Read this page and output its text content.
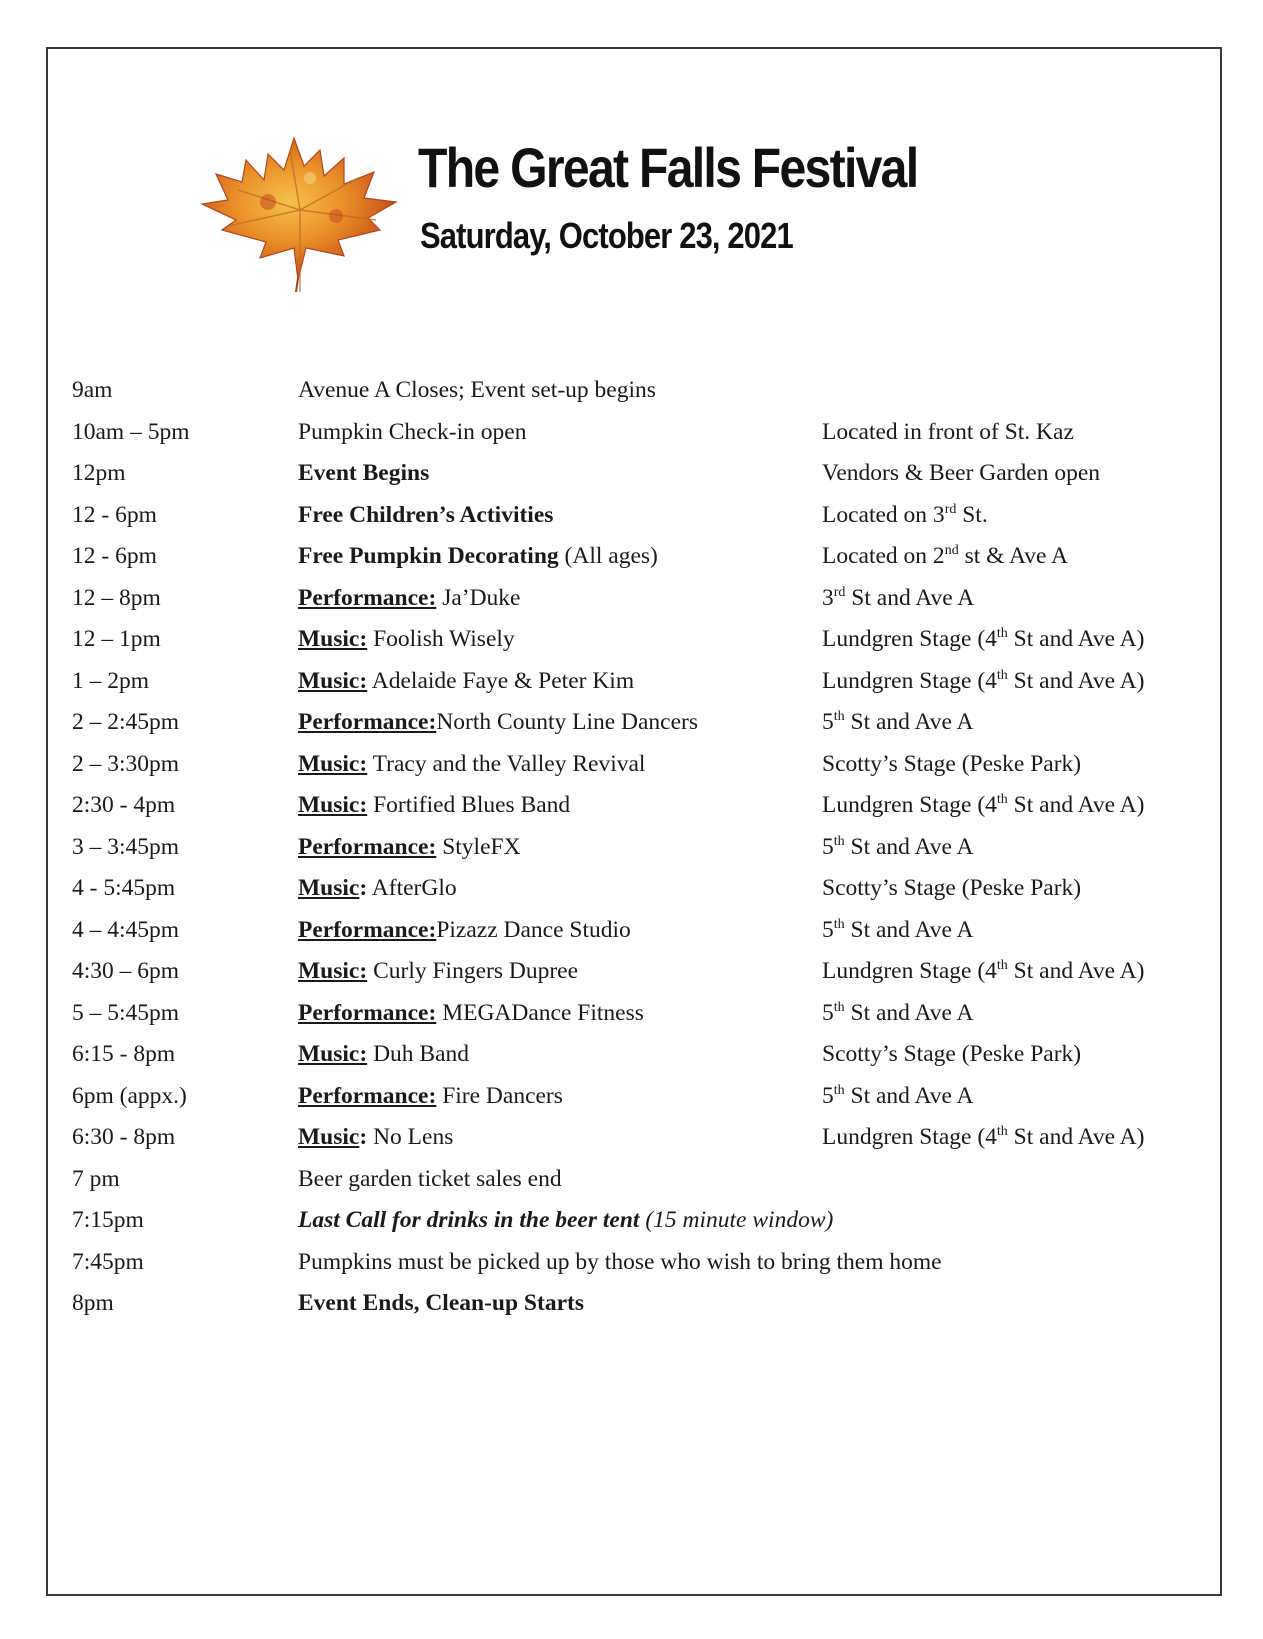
The Great Falls Festival
Saturday, October 23, 2021
9am	Avenue A Closes; Event set-up begins
10am – 5pm	Pumpkin Check-in open	Located in front of St. Kaz
12pm	Event Begins	Vendors & Beer Garden open
12 - 6pm	Free Children’s Activities	Located on 3rd St.
12 - 6pm	Free Pumpkin Decorating (All ages)	Located on 2nd st & Ave A
12 – 8pm	Performance: Ja’Duke	3rd St and Ave A
12 – 1pm	Music: Foolish Wisely	Lundgren Stage (4th St and Ave A)
1 – 2pm	Music: Adelaide Faye & Peter Kim	Lundgren Stage (4th St and Ave A)
2 – 2:45pm	Performance:North County Line Dancers	5th St and Ave A
2 – 3:30pm	Music: Tracy and the Valley Revival	Scotty’s Stage (Peske Park)
2:30 - 4pm	Music: Fortified Blues Band	Lundgren Stage (4th St and Ave A)
3 – 3:45pm	Performance: StyleFX	5th St and Ave A
4 - 5:45pm	Music: AfterGlo	Scotty’s Stage (Peske Park)
4 – 4:45pm	Performance:Pizazz Dance Studio	5th St and Ave A
4:30 – 6pm	Music: Curly Fingers Dupree	Lundgren Stage (4th St and Ave A)
5 – 5:45pm	Performance: MEGADance Fitness	5th St and Ave A
6:15 - 8pm	Music: Duh Band	Scotty’s Stage (Peske Park)
6pm (appx.)	Performance: Fire Dancers	5th St and Ave A
6:30 - 8pm	Music: No Lens	Lundgren Stage (4th St and Ave A)
7 pm	Beer garden ticket sales end
7:15pm	Last Call for drinks in the beer tent (15 minute window)
7:45pm	Pumpkins must be picked up by those who wish to bring them home
8pm	Event Ends, Clean-up Starts
